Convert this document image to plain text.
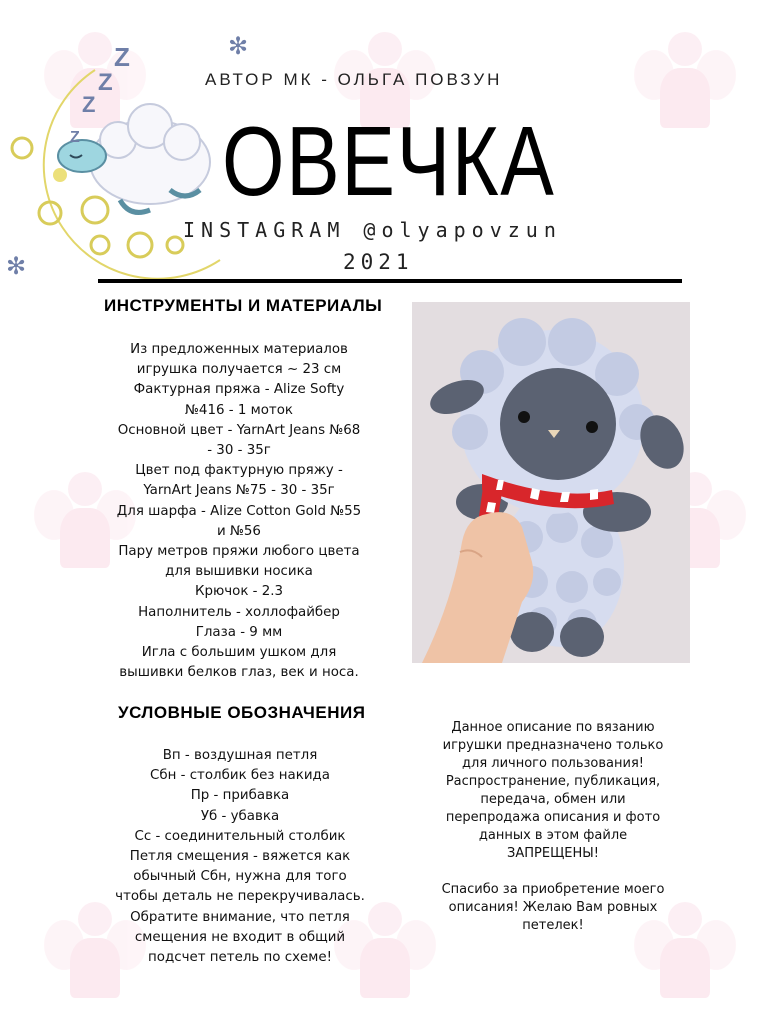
Z
Z
Z
Z
✻
✻
АВТОР МК - ОЛЬГА ПОВЗУН
ОВЕЧКА
INSTAGRAM @olyapovzun
2021
ИНСТРУМЕНТЫ И МАТЕРИАЛЫ
Из предложенных материалов
игрушка получается ~ 23 см
Фактурная пряжа - Alize Softy
№416 - 1 моток
Основной цвет - YarnArt Jeans №68
- 30 - 35г
Цвет под фактурную пряжу -
YarnArt Jeans №75 - 30 - 35г
Для шарфа - Alize Cotton Gold №55
и №56
Пару метров пряжи любого цвета
для вышивки носика
Крючок - 2.3
Наполнитель - холлофайбер
Глаза - 9 мм
Игла с большим ушком для
вышивки белков глаз, век и носа.
УСЛОВНЫЕ ОБОЗНАЧЕНИЯ
Вп - воздушная петля
Сбн - столбик без накида
Пр - прибавка
Уб - убавка
Сс - соединительный столбик
Петля смещения - вяжется как
обычный Сбн, нужна для того
чтобы деталь не перекручивалась.
Обратите внимание, что петля
смещения не входит в общий
подсчет петель по схеме!

Данное описание по вязанию

игрушки предназначено только

для личного пользования!

Распространение, публикация,

передача, обмен или

перепродажа описания и фото

данных в этом файле

ЗАПРЕЩЕНЫ!

Спасибо за приобретение моего

описания! Желаю Вам ровных

петелек!
